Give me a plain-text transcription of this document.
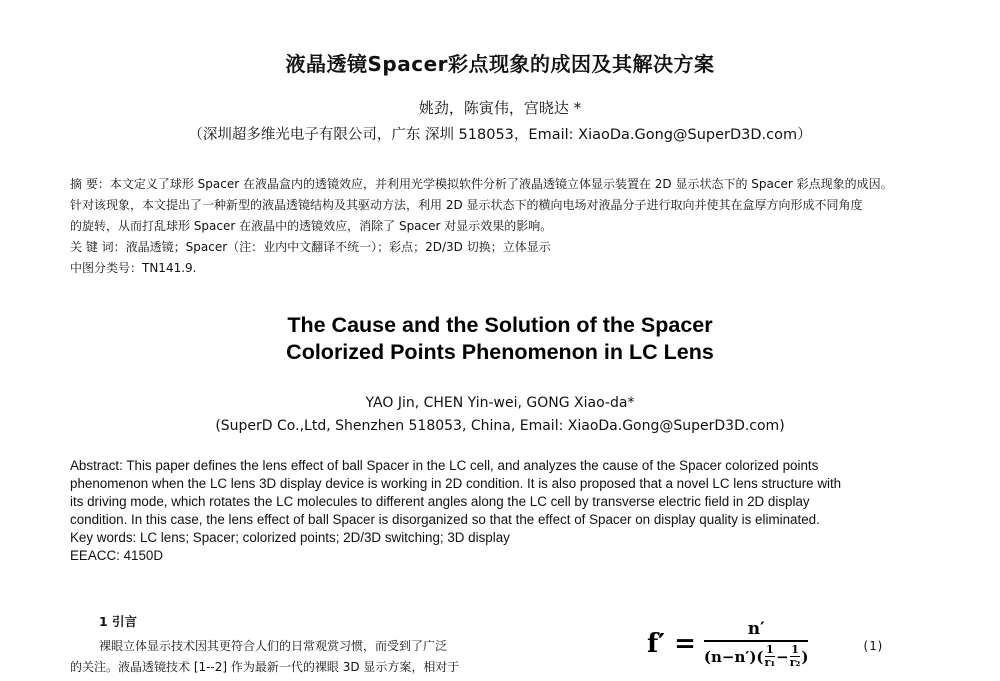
液晶透镜Spacer彩点现象的成因及其解决方案
姚劲，陈寅伟，宫晓达 *
（深圳超多维光电子有限公司，广东 深圳 518053，Email: XiaoDa.Gong@SuperD3D.com）
摘 要：本文定义了球形 Spacer 在液晶盒内的透镜效应，并利用光学模拟软件分析了液晶透镜立体显示装置在 2D 显示状态下的 Spacer 彩点现象的成因。
针对该现象，本文提出了一种新型的液晶透镜结构及其驱动方法，利用 2D 显示状态下的横向电场对液晶分子进行取向并使其在盒厚方向形成不同角度
的旋转，从而打乱球形 Spacer 在液晶中的透镜效应，消除了 Spacer 对显示效果的影响。
关 键 词：液晶透镜；Spacer（注：业内中文翻译不统一）；彩点；2D/3D 切换；立体显示
中图分类号：TN141.9.
The Cause and the Solution of the Spacer
Colorized Points Phenomenon in LC Lens
YAO Jin, CHEN Yin-wei, GONG Xiao-da*
(SuperD Co.,Ltd, Shenzhen 518053, China, Email: XiaoDa.Gong@SuperD3D.com)
Abstract: This paper defines the lens effect of ball Spacer in the LC cell, and analyzes the cause of the Spacer colorized points
phenomenon when the LC lens 3D display device is working in 2D condition. It is also proposed that a novel LC lens structure with
its driving mode, which rotates the LC molecules to different angles along the LC cell by transverse electric field in 2D display
condition. In this case, the lens effect of ball Spacer is disorganized so that the effect of Spacer on display quality is eliminated.
Key words: LC lens; Spacer; colorized points; 2D/3D switching; 3D display
EEACC: 4150D
1 引言
裸眼立体显示技术因其更符合人们的日常观赏习惯，而受到了广泛
的关注。液晶透镜技术 [1--2] 作为最新一代的裸眼 3D 显示方案，相对于
f′ =	n′
(n−n′)( 1
r₁ − 1
r₂ )
(1)
